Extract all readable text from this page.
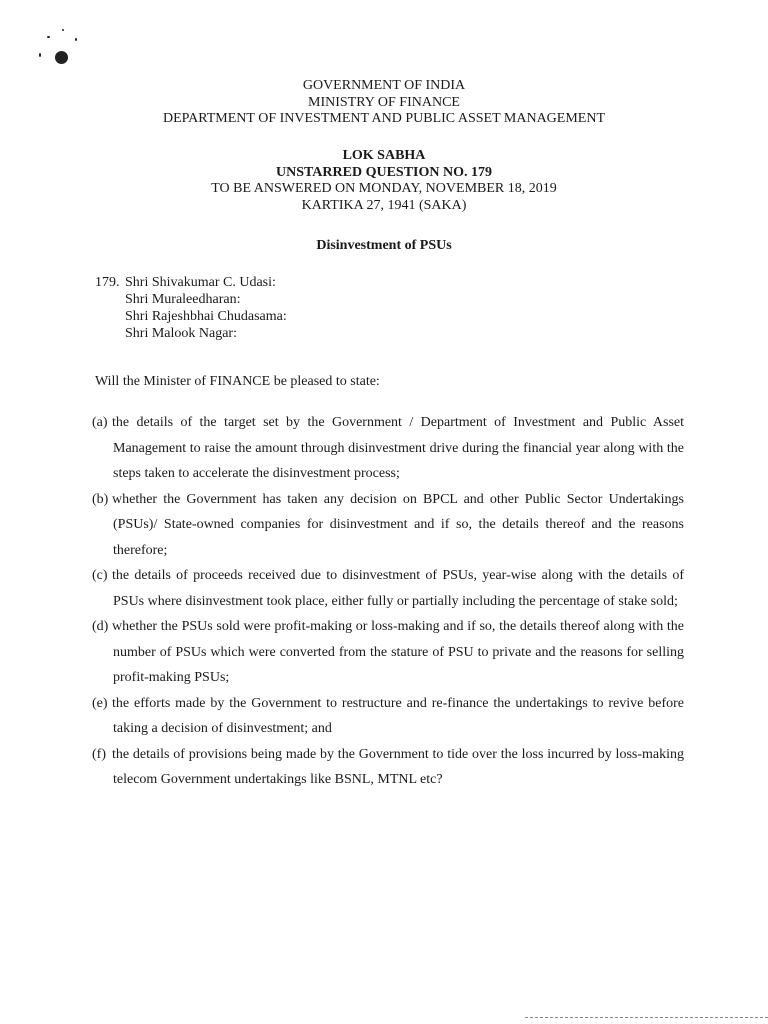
GOVERNMENT OF INDIA
MINISTRY OF FINANCE
DEPARTMENT OF INVESTMENT AND PUBLIC ASSET MANAGEMENT
LOK SABHA
UNSTARRED QUESTION NO. 179
TO BE ANSWERED ON MONDAY, NOVEMBER 18, 2019
KARTIKA 27, 1941 (SAKA)
Disinvestment of PSUs
179. Shri Shivakumar C. Udasi:
Shri Muraleedharan:
Shri Rajeshbhai Chudasama:
Shri Malook Nagar:
Will the Minister of FINANCE be pleased to state:

(a) the details of the target set by the Government / Department of Investment and Public Asset Management to raise the amount through disinvestment drive during the financial year along with the steps taken to accelerate the disinvestment process;

(b) whether the Government has taken any decision on BPCL and other Public Sector Undertakings (PSUs)/ State-owned companies for disinvestment and if so, the details thereof and the reasons therefore;

(c) the details of proceeds received due to disinvestment of PSUs, year-wise along with the details of PSUs where disinvestment took place, either fully or partially including the percentage of stake sold;

(d) whether the PSUs sold were profit-making or loss-making and if so, the details thereof along with the number of PSUs which were converted from the stature of PSU to private and the reasons for selling profit-making PSUs;

(e) the efforts made by the Government to restructure and re-finance the undertakings to revive before taking a decision of disinvestment; and

(f) the details of provisions being made by the Government to tide over the loss incurred by loss-making telecom Government undertakings like BSNL, MTNL etc?
